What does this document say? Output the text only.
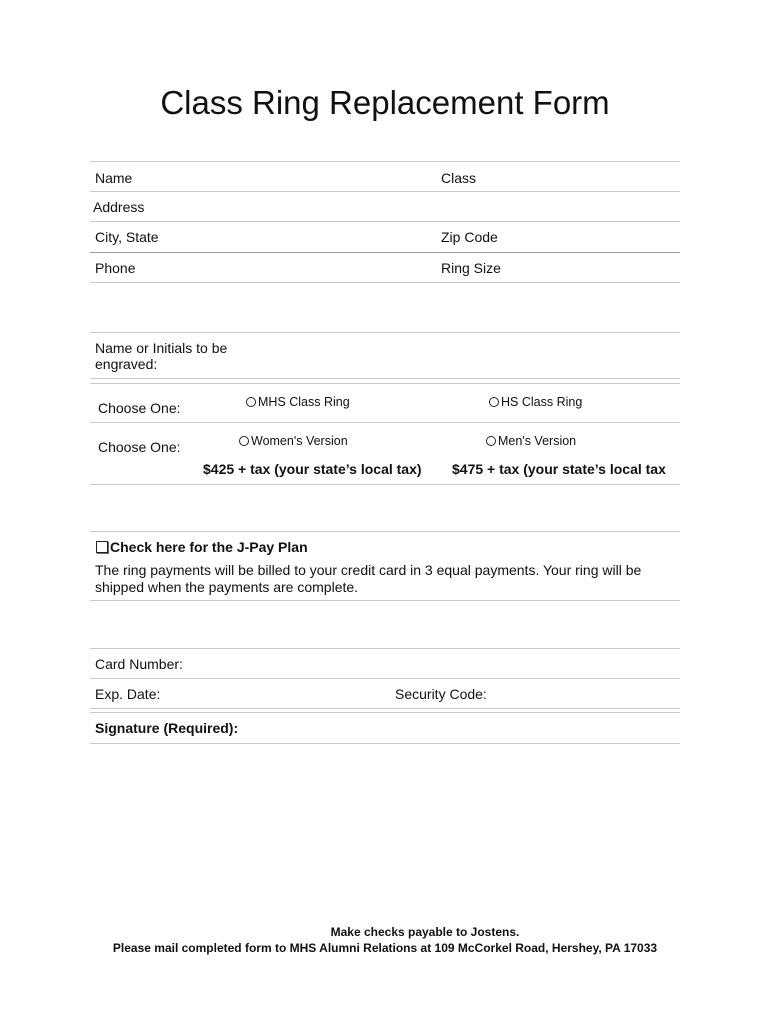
Class Ring Replacement Form
Name	Class
Address
City, State	Zip Code
Phone	Ring Size
Name or Initials to be
engraved:
Choose One:	MHS Class Ring	HS Class Ring
Choose One:	Women's Version	Men's Version
$425 + tax (your state’s local tax) $475 + tax (your state’s local tax
Check here for the J-Pay Plan
The ring payments will be billed to your credit card in 3 equal payments. Your ring will be
shipped when the payments are complete.
Card Number:
Exp. Date:	Security Code:
Signature (Required):
Make checks payable to Jostens.
Please mail completed form to MHS Alumni Relations at 109 McCorkel Road, Hershey, PA 17033
